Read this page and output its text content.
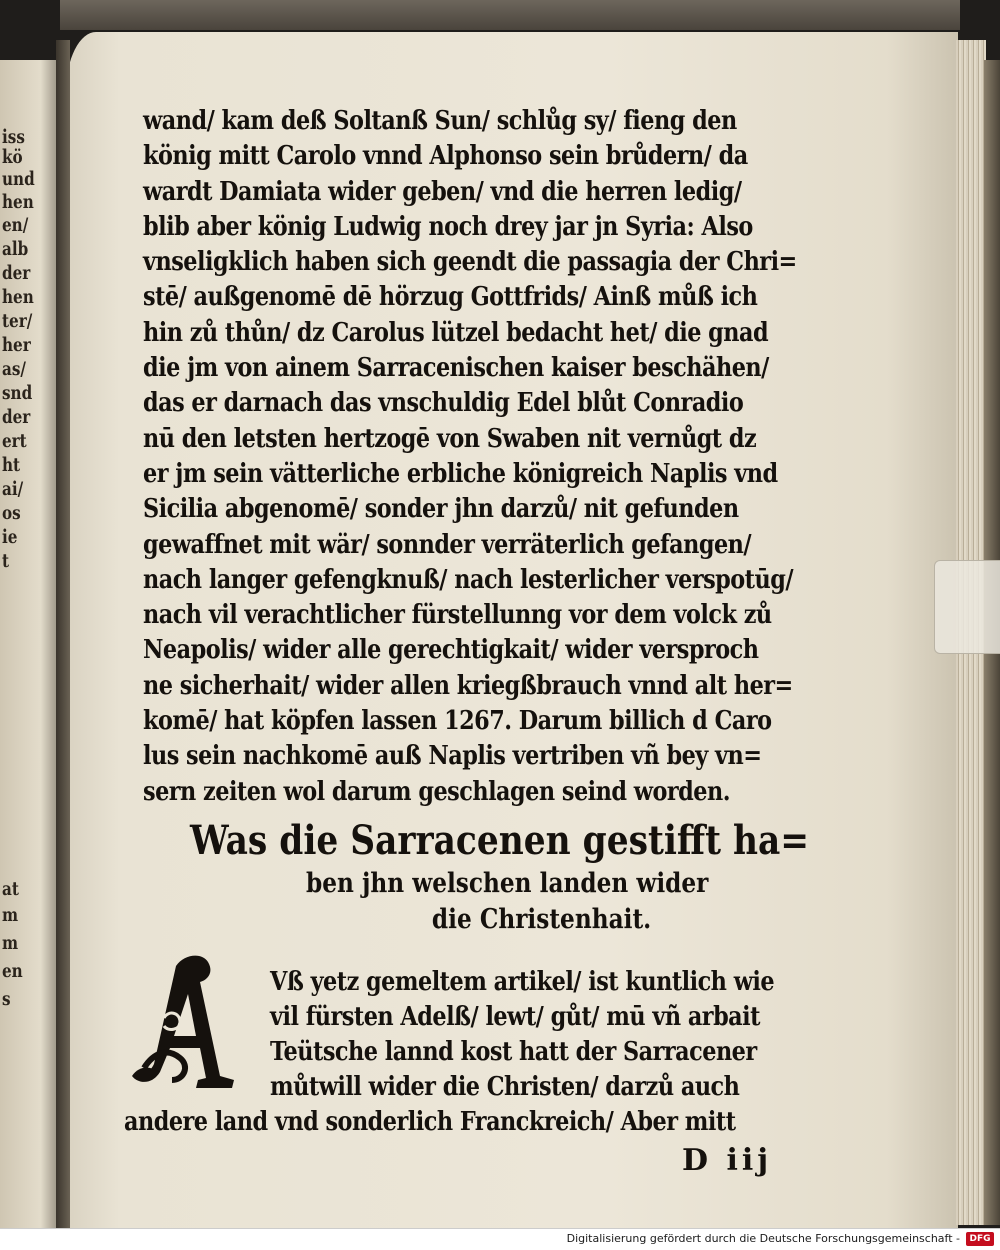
iss
kö
und
hen
en/
alb
der
hen
ter/
her
as/
snd
der
ert
ht
ai/
os
ie
t
at
m
m
en
s
wand/ kam deß Soltanß Sun/ schlůg sy/ fieng den
könig mitt Carolo vnnd Alphonso sein brůdern/ da
wardt Damiata wider geben/ vnd die herren ledig/
blib aber könig Ludwig noch drey jar jn Syria: Also
vnseligklich haben sich geendt die passagia der Chri=
stē/ außgenomē dē hörzug Gottfrids/ Ainß můß ich
hin zů thůn/ dz Carolus lützel bedacht het/ die gnad
die jm von ainem Sarracenischen kaiser beschähen/
das er darnach das vnschuldig Edel blůt Conradio
nū den letsten hertzogē von Swaben nit vernůgt dz
er jm sein vätterliche erbliche königreich Naplis vnd
Sicilia abgenomē/ sonder jhn darzů/ nit gefunden
gewaffnet mit wär/ sonnder verräterlich gefangen/
nach langer gefengknuß/ nach lesterlicher verspotūg/
nach vil verachtlicher fürstellunng vor dem volck zů
Neapolis/ wider alle gerechtigkait/ wider versproch
ne sicherhait/ wider allen kriegßbrauch vnnd alt her=
komē/ hat köpfen lassen 1267. Darum billich d Caro
lus sein nachkomē auß Naplis vertriben vñ bey vn=
sern zeiten wol darum geschlagen seind worden.
Was die Sarracenen gestifft ha=
ben jhn welschen landen wider
die Christenhait.
Vß yetz gemeltem artikel/ ist kuntlich wie
vil fürsten Adelß/ lewt/ gůt/ mū vñ arbait
Teütsche lannd kost hatt der Sarracener
můtwill wider die Christen/ darzů auch
andere land vnd sonderlich Franckreich/ Aber mitt
D iij
Digitalisierung gefördert durch die Deutsche Forschungsgemeinschaft -	DFG
